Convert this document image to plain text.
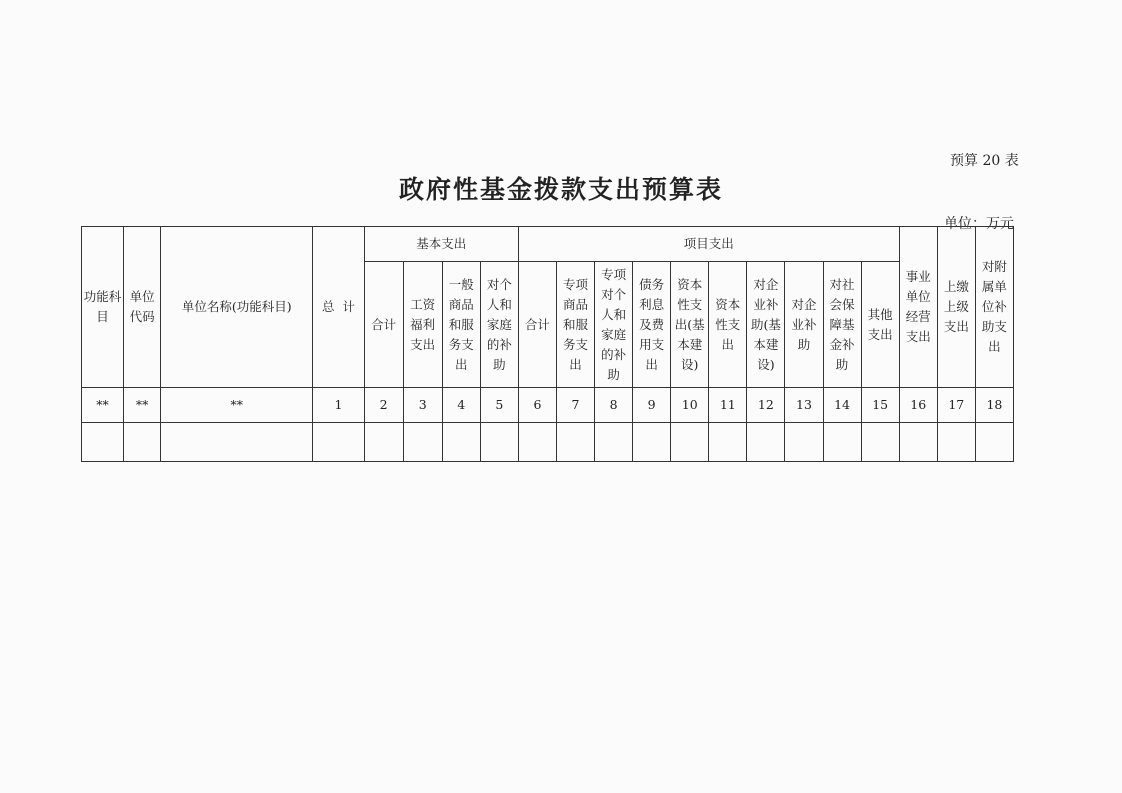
预算 20 表
政府性基金拨款支出预算表
单位：万元
功能科目	单位代码	单位名称(功能科目)	总  计	基本支出				项目支出										事业单位经营支出	上缴上级支出	对附属单位补助支出
				合计	工资福利支出	一般商品和服务支出	对个人和家庭的补助	合计	专项商品和服务支出	专项对个人和家庭的补助	债务利息及费用支出	资本性支出(基本建设)	资本性支出	对企业补助(基本建设)	对企业补助	对社会保障基金补助	其他支出			
**	**	**	1	2	3	4	5	6	7	8	9	10	11	12	13	14	15	16	17	18
